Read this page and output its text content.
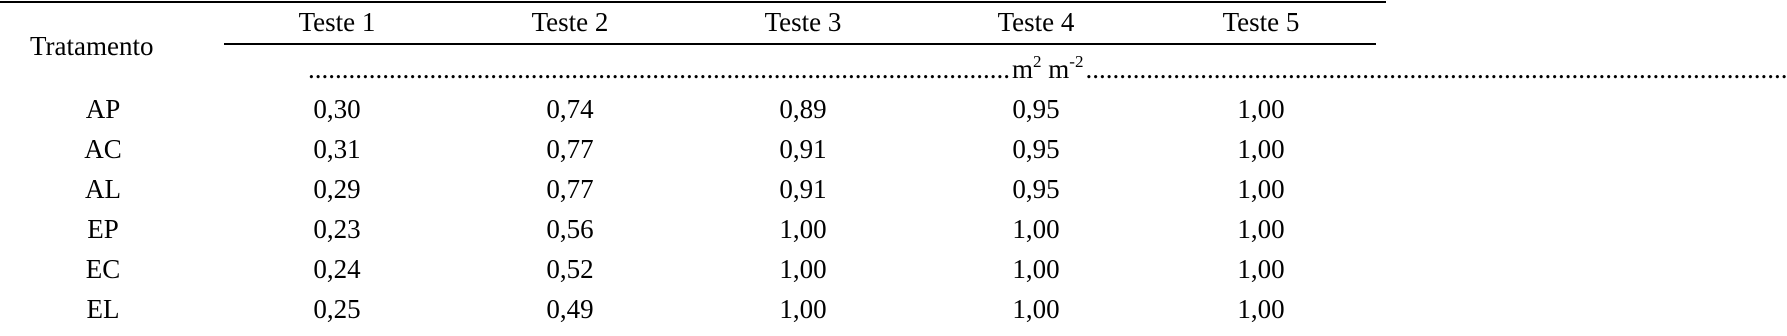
Tratamento
Teste 1	Teste 2	Teste 3	Teste 4	Teste 5
........................................................................................................ $m^2$ $m^{-2}$ ........................................................................................................
AP	0,30	0,74	0,89	0,95	1,00
AC	0,31	0,77	0,91	0,95	1,00
AL	0,29	0,77	0,91	0,95	1,00
EP	0,23	0,56	1,00	1,00	1,00
EC	0,24	0,52	1,00	1,00	1,00
EL	0,25	0,49	1,00	1,00	1,00
